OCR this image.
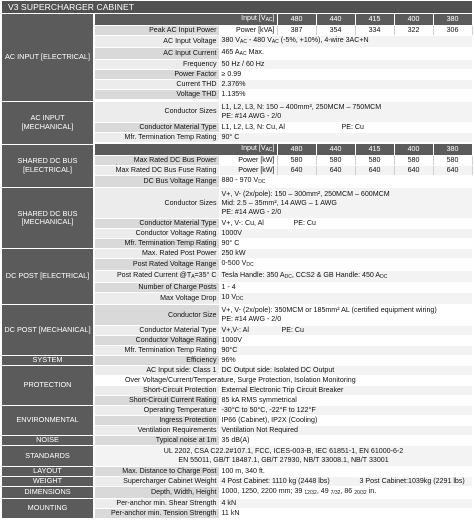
V3 SUPERCHARGER CABINET
AC INPUT [ELECTRICAL]	Input $[V_{AC}]$		480	440	415	400	380
	Peak AC Input Power	Power [kVA]	387	354	334	322	306
	AC Input Voltage	380 $V_{AC} - 480$ $V_{AC}$ (-5%, +10%), 4-wire 3AC+N					
	AC Input Current	465 $A_{AC}$ Max.					
	Frequency	50 Hz / 60 Hz					
	Power Factor	≥ 0.99					
	Current THD	2.376%					
	Voltage THD	1.135%					

AC INPUT [MECHANICAL]	Conductor Sizes	L1, L2, L3, N: 150 – 400mm², 250MCM – 750MCM
PE: #14 AWG - 2/0					

	Conductor Material Type	L1, L2, L3, N: Cu, Al PE: Cu					
	Mfr. Termination Temp Rating	90° C					

SHARED DC BUS [ELECTRICAL]	Input $[V_{AC}]$		480	440	415	400	380
	Max Rated DC Bus Power	Power [kW]	580	580	580	580	580
	Max Rated DC Bus Fuse Rating	Power [kW]	640	640	640	640	640
	DC Bus Voltage Range	880 - 970 $V_{DC}$
SHARED DC BUS [MECHANICAL]	Conductor Sizes	V+, V- (2x/pole): 150 – 300mm², 250MCM – 600MCM
Mid: 2.5 – 35mm², 14 AWG – 1 AWG
PE: #14 AWG - 2/0					

	Conductor Material Type	V+, V-: Cu, Al PE: Cu					
	Conductor Voltage Rating	1000V					
	Mfr. Termination Temp Rating	90° C					
DC POST [ELECTRICAL]	Max. Rated Post Power	250 kW					
	Post Rated Voltage Range	0-500 $V_{DC}$
	Post Rated Current $@T_A=35^\circ$ C	Tesla Handle: 350 $A_{DC}$, CCS2 & GB Handle: 450 $A_{DC}$
	Number of Charge Posts	1 - 4					
	Max Voltage Drop	10 $V_{DC}$
DC POST [MECHANICAL]	Conductor Size	V+, V- (2x/pole): 350MCM or 185mm² AL (certified equipment wiring)
PE: #14 AWG - 2/0					

	Conductor Material Type	V+,V-: Al PE: Cu					
	Conductor Voltage Rating	1000V					
	Mfr. Termination Temp Rating	90°C					
SYSTEM	Efficiency	96%					
PROTECTION	AC Input side: Class 1	DC Output side: Isolated DC Output					
	Over Voltage/Current/Temperature, Surge Protection, Isolation Monitoring						
	Short-Circuit Protection	External Electronic Trip Circuit Breaker					
	Short-Circuit Current Rating	85 kA RMS symmetrical					
ENVIRONMENTAL	Operating Temperature	-30°C to 50°C, -22°F to 122°F					
	Ingress Protection	IP66 (Cabinet), IP2X (Cooling)					
	Ventilation Requirements	Ventilation Not Required					
NOISE	Typical noise at 1m	35 dB(A)					
STANDARDS	UL 2202, CSA C22.2#107.1, FCC, ICES-003-B, IEC 61851-1, EN 61000-6-2
EN 55011, GB/T 18487.1, GB/T 27930, NB/T 33008.1, NB/T 33001						

LAYOUT	Max. Distance to Charge Post	100 m, 340 ft.					
WEIGHT	Supercharger Cabinet Weight	4 Post Cabinet: 1110 kg (2448 lbs) 3 Post Cabinet:1039kg (2291 lbs)					
DIMENSIONS	Depth, Width, Height	1000, 1250, 2200 mm; 39 $_{12/32}$, 49 $_{7/32}$, 86 $_{20/32}$ in.					
MOUNTING	Per-anchor min. Shear Strength	4 kN					
	Per-anchor min. Tension Strength	11 kN					
